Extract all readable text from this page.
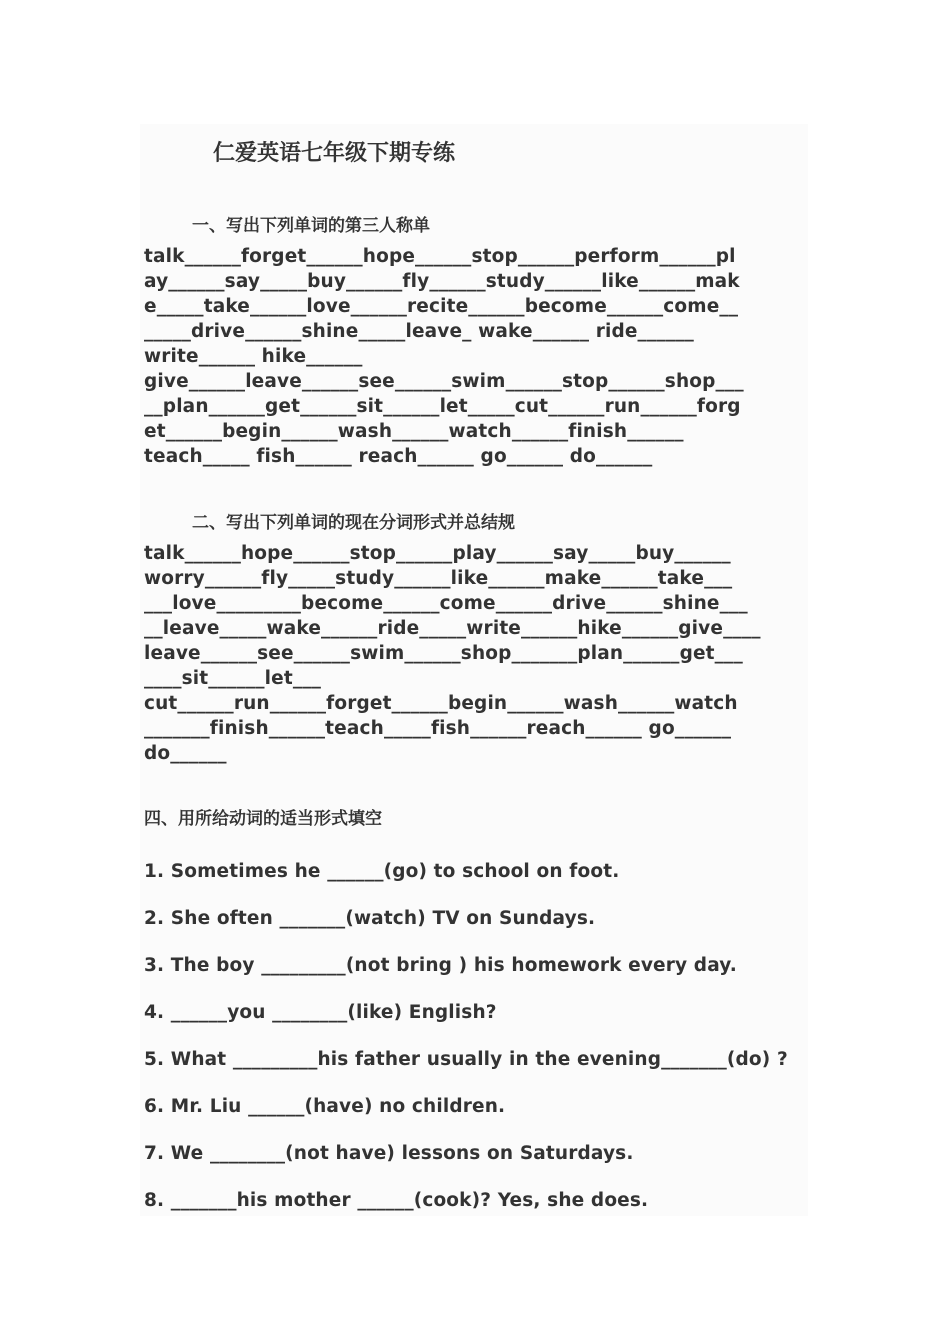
仁爱英语七年级下期专练
一、写出下列单词的第三人称单
talk______forget______hope______stop______perform______pl
ay______say_____buy______fly______study______like______mak
e_____take______love______recite______become______come__
_____drive______shine_____leave_ wake______ ride______
write______ hike______
give______leave______see______swim______stop______shop___
__plan______get______sit______let_____cut______run______forg
et______begin______wash______watch______finish______
teach_____ fish______ reach______ go______ do______
二、写出下列单词的现在分词形式并总结规
talk______hope______stop______play______say_____buy______
worry______fly_____study______like______make______take___
___love_________become______come______drive______shine___
__leave_____wake______ride_____write______hike______give____
leave______see______swim______shop_______plan______get___
____sit______let___
cut______run______forget______begin______wash______watch
_______finish______teach_____fish______reach______ go______
do______
四、用所给动词的适当形式填空
1. Sometimes he ______(go) to school on foot.
2. She often _______(watch) TV on Sundays.
3. The boy _________(not bring ) his homework every day.
4. ______you ________(like) English?
5. What _________his father usually in the evening_______(do) ?
6. Mr. Liu ______(have) no children.
7. We ________(not have) lessons on Saturdays.
8. _______his mother ______(cook)? Yes, she does.
